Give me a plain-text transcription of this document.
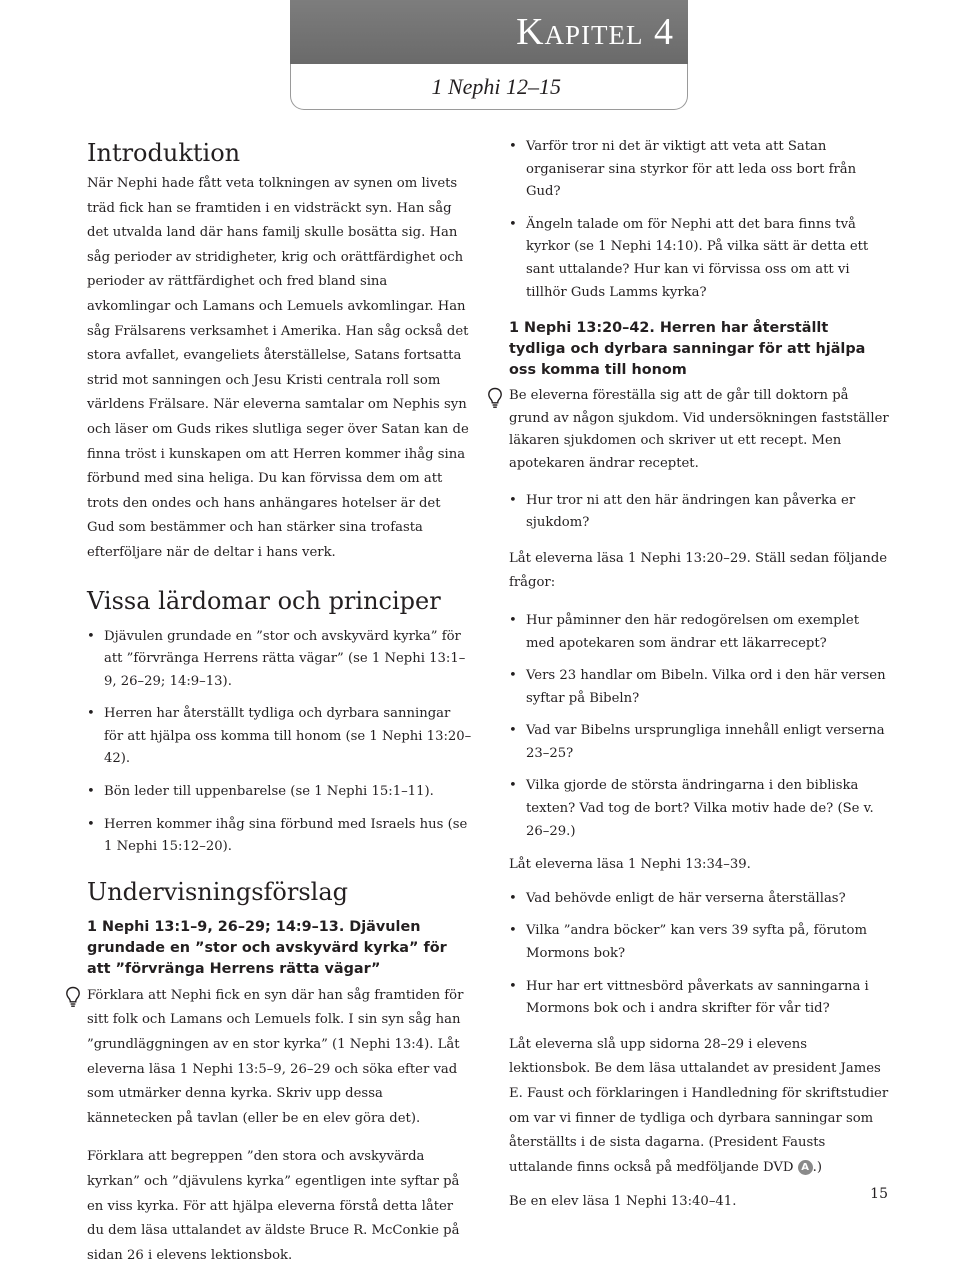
Kapitel 4
1 Nephi 12–15
Introduktion

När Nephi hade fått veta tolkningen av synen om livets träd fick han se framtiden i en vidsträckt syn. Han såg det utvalda land där hans familj skulle bosätta sig. Han såg perioder av stridigheter, krig och orättfärdighet och perioder av rättfärdighet och fred bland sina avkomlingar och Lamans och Lemuels avkomlingar. Han såg Frälsarens verksamhet i Amerika. Han såg också det stora avfallet, evangeliets återställelse, Satans fortsatta strid mot sanningen och Jesu Kristi centrala roll som världens Frälsare. När eleverna samtalar om Nephis syn och läser om Guds rikes slutliga seger över Satan kan de finna tröst i kunskapen om att Herren kommer ihåg sina förbund med sina heliga. Du kan förvissa dem om att trots den ondes och hans anhängares hotelser är det Gud som bestämmer och han stärker sina trofasta efterföljare när de deltar i hans verk.

Vissa lärdomar och principer
• Djävulen grundade en ”stor och avskyvärd kyrka” för att ”förvränga Herrens rätta vägar” (se 1 Nephi 13:1–9, 26–29; 14:9–13).
• Herren har återställt tydliga och dyrbara sanningar för att hjälpa oss komma till honom (se 1 Nephi 13:20–42).
• Bön leder till uppenbarelse (se 1 Nephi 15:1–11).
• Herren kommer ihåg sina förbund med Israels hus (se 1 Nephi 15:12–20).
Undervisningsförslag
1 Nephi 13:1–9, 26–29; 14:9–13. Djävulen grundade en ”stor och avskyvärd kyrka” för att ”förvränga Herrens rätta vägar”

Förklara att Nephi fick en syn där han såg framtiden för sitt folk och Lamans och Lemuels folk. I sin syn såg han ”grundläggningen av en stor kyrka” (1 Nephi 13:4). Låt eleverna läsa 1 Nephi 13:5–9, 26–29 och söka efter vad som utmärker denna kyrka. Skriv upp dessa kännetecken på tavlan (eller be en elev göra det).

Förklara att begreppen ”den stora och avskyvärda kyrkan” och ”djävulens kyrka” egentligen inte syftar på en viss kyrka. För att hjälpa eleverna förstå detta låter du dem läsa uttalandet av äldste Bruce R. McConkie på sidan 26 i elevens lektionsbok.

• Varför tror ni det är viktigt att veta att Satan organiserar sina styrkor för att leda oss bort från Gud?
• Ängeln talade om för Nephi att det bara finns två kyrkor (se 1 Nephi 14:10). På vilka sätt är detta ett sant uttalande? Hur kan vi förvissa oss om att vi tillhör Guds Lamms kyrka?
1 Nephi 13:20–42. Herren har återställt tydliga och dyrbara sanningar för att hjälpa oss komma till honom

Be eleverna föreställa sig att de går till doktorn på grund av någon sjukdom. Vid undersökningen fastställer läkaren sjukdomen och skriver ut ett recept. Men apotekaren ändrar receptet.

• Hur tror ni att den här ändringen kan påverka er sjukdom?

Låt eleverna läsa 1 Nephi 13:20–29. Ställ sedan följande frågor:

• Hur påminner den här redogörelsen om exemplet med apotekaren som ändrar ett läkarrecept?
• Vers 23 handlar om Bibeln. Vilka ord i den här versen syftar på Bibeln?
• Vad var Bibelns ursprungliga innehåll enligt verserna 23–25?
• Vilka gjorde de största ändringarna i den bibliska texten? Vad tog de bort? Vilka motiv hade de? (Se v. 26–29.)

Låt eleverna läsa 1 Nephi 13:34–39.

• Vad behövde enligt de här verserna återställas?
• Vilka ”andra böcker” kan vers 39 syfta på, förutom Mormons bok?
• Hur har ert vittnesbörd påverkats av sanningarna i Mormons bok och i andra skrifter för vår tid?

Låt eleverna slå upp sidorna 28–29 i elevens lektionsbok. Be dem läsa uttalandet av president James E. Faust och förklaringen i Handledning för skriftstudier om var vi finner de tydliga och dyrbara sanningar som återställts i de sista dagarna. (President Fausts uttalande finns också på medföljande DVD A .)

Be en elev läsa 1 Nephi 13:40–41.	15
